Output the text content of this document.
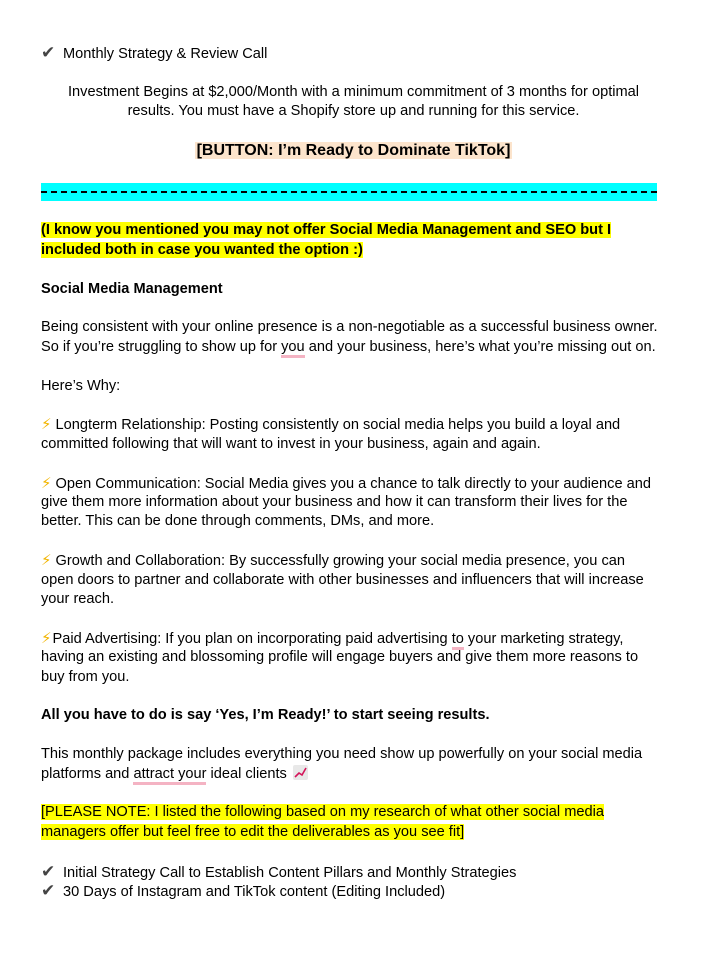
✔ Monthly Strategy & Review Call
Investment Begins at $2,000/Month with a minimum commitment of 3 months for optimal
results. You must have a Shopify store up and running for this service.
[BUTTON: I’m Ready to Dominate TikTok]
(I know you mentioned you may not offer Social Media Management and SEO but I
included both in case you wanted the option :)
Social Media Management
Being consistent with your online presence is a non-negotiable as a successful business owner.
So if you’re struggling to show up for you and your business, here’s what you’re missing out on.
Here’s Why:
⚡ Longterm Relationship: Posting consistently on social media helps you build a loyal and
committed following that will want to invest in your business, again and again.
⚡ Open Communication: Social Media gives you a chance to talk directly to your audience and
give them more information about your business and how it can transform their lives for the
better. This can be done through comments, DMs, and more.
⚡ Growth and Collaboration: By successfully growing your social media presence, you can
open doors to partner and collaborate with other businesses and influencers that will increase
your reach.
⚡Paid Advertising: If you plan on incorporating paid advertising to your marketing strategy,
having an existing and blossoming profile will engage buyers and give them more reasons to
buy from you.
All you have to do is say ‘Yes, I’m Ready!’ to start seeing results.
This monthly package includes everything you need show up powerfully on your social media
platforms and attract your ideal clients
[PLEASE NOTE: I listed the following based on my research of what other social media
managers offer but feel free to edit the deliverables as you see fit]
✔ Initial Strategy Call to Establish Content Pillars and Monthly Strategies
✔ 30 Days of Instagram and TikTok content (Editing Included)
